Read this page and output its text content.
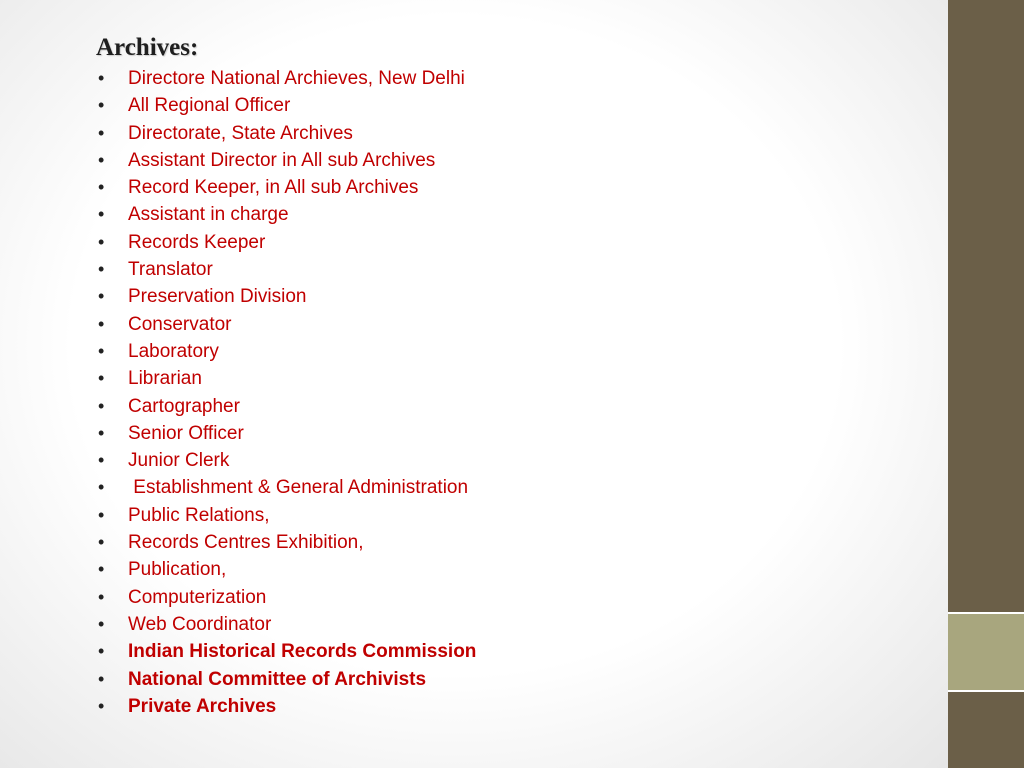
Archives:
•	Directore National Archieves, New Delhi
•	All Regional Officer
•	Directorate, State Archives
•	Assistant Director in All sub Archives
•	Record Keeper, in All sub Archives
•	Assistant in charge
•	Records Keeper
•	Translator
•	Preservation Division
•	Conservator
•	Laboratory
•	Librarian
•	Cartographer
•	Senior Officer
•	Junior Clerk
•	Establishment & General Administration
•	Public Relations,
•	Records Centres Exhibition,
•	Publication,
•	Computerization
•	Web Coordinator
•	Indian Historical Records Commission
•	National Committee of Archivists
•	Private Archives
